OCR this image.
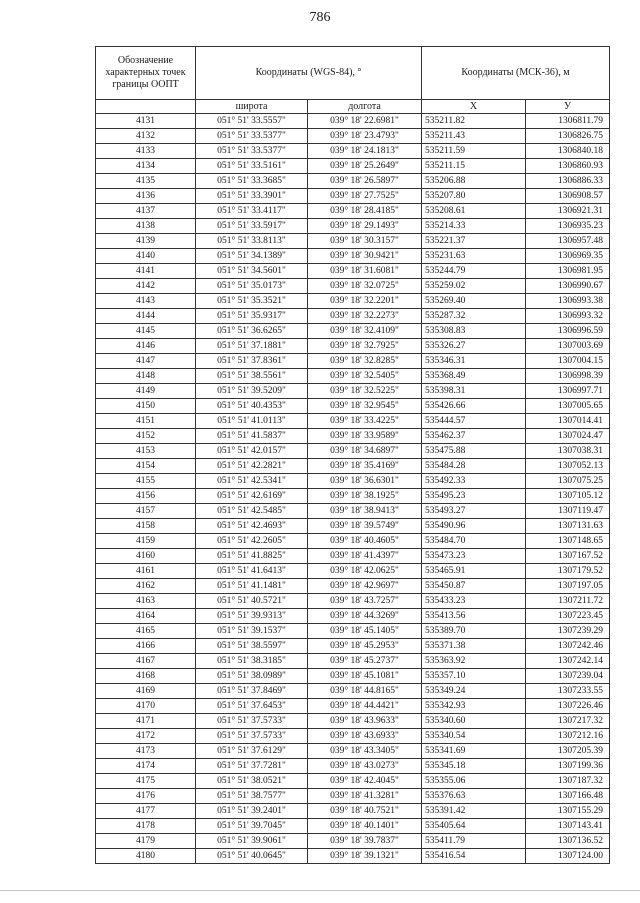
786
Обозначение характерных точек границы ООПТ	Координаты (WGS-84), °		Координаты (МСК-36), м	
	широта	долгота	X	У
4131	051° 51' 33.5557"	039° 18' 22.6981"	535211.82	1306811.79
4132	051° 51' 33.5377"	039° 18' 23.4793"	535211.43	1306826.75
4133	051° 51' 33.5377"	039° 18' 24.1813"	535211.59	1306840.18
4134	051° 51' 33.5161"	039° 18' 25.2649"	535211.15	1306860.93
4135	051° 51' 33.3685"	039° 18' 26.5897"	535206.88	1306886.33
4136	051° 51' 33.3901"	039° 18' 27.7525"	535207.80	1306908.57
4137	051° 51' 33.4117"	039° 18' 28.4185"	535208.61	1306921.31
4138	051° 51' 33.5917"	039° 18' 29.1493"	535214.33	1306935.23
4139	051° 51' 33.8113"	039° 18' 30.3157"	535221.37	1306957.48
4140	051° 51' 34.1389"	039° 18' 30.9421"	535231.63	1306969.35
4141	051° 51' 34.5601"	039° 18' 31.6081"	535244.79	1306981.95
4142	051° 51' 35.0173"	039° 18' 32.0725"	535259.02	1306990.67
4143	051° 51' 35.3521"	039° 18' 32.2201"	535269.40	1306993.38
4144	051° 51' 35.9317"	039° 18' 32.2273"	535287.32	1306993.32
4145	051° 51' 36.6265"	039° 18' 32.4109"	535308.83	1306996.59
4146	051° 51' 37.1881"	039° 18' 32.7925"	535326.27	1307003.69
4147	051° 51' 37.8361"	039° 18' 32.8285"	535346.31	1307004.15
4148	051° 51' 38.5561"	039° 18' 32.5405"	535368.49	1306998.39
4149	051° 51' 39.5209"	039° 18' 32.5225"	535398.31	1306997.71
4150	051° 51' 40.4353"	039° 18' 32.9545"	535426.66	1307005.65
4151	051° 51' 41.0113"	039° 18' 33.4225"	535444.57	1307014.41
4152	051° 51' 41.5837"	039° 18' 33.9589"	535462.37	1307024.47
4153	051° 51' 42.0157"	039° 18' 34.6897"	535475.88	1307038.31
4154	051° 51' 42.2821"	039° 18' 35.4169"	535484.28	1307052.13
4155	051° 51' 42.5341"	039° 18' 36.6301"	535492.33	1307075.25
4156	051° 51' 42.6169"	039° 18' 38.1925"	535495.23	1307105.12
4157	051° 51' 42.5485"	039° 18' 38.9413"	535493.27	1307119.47
4158	051° 51' 42.4693"	039° 18' 39.5749"	535490.96	1307131.63
4159	051° 51' 42.2605"	039° 18' 40.4605"	535484.70	1307148.65
4160	051° 51' 41.8825"	039° 18' 41.4397"	535473.23	1307167.52
4161	051° 51' 41.6413"	039° 18' 42.0625"	535465.91	1307179.52
4162	051° 51' 41.1481"	039° 18' 42.9697"	535450.87	1307197.05
4163	051° 51' 40.5721"	039° 18' 43.7257"	535433.23	1307211.72
4164	051° 51' 39.9313"	039° 18' 44.3269"	535413.56	1307223.45
4165	051° 51' 39.1537"	039° 18' 45.1405"	535389.70	1307239.29
4166	051° 51' 38.5597"	039° 18' 45.2953"	535371.38	1307242.46
4167	051° 51' 38.3185"	039° 18' 45.2737"	535363.92	1307242.14
4168	051° 51' 38.0989"	039° 18' 45.1081"	535357.10	1307239.04
4169	051° 51' 37.8469"	039° 18' 44.8165"	535349.24	1307233.55
4170	051° 51' 37.6453"	039° 18' 44.4421"	535342.93	1307226.46
4171	051° 51' 37.5733"	039° 18' 43.9633"	535340.60	1307217.32
4172	051° 51' 37.5733"	039° 18' 43.6933"	535340.54	1307212.16
4173	051° 51' 37.6129"	039° 18' 43.3405"	535341.69	1307205.39
4174	051° 51' 37.7281"	039° 18' 43.0273"	535345.18	1307199.36
4175	051° 51' 38.0521"	039° 18' 42.4045"	535355.06	1307187.32
4176	051° 51' 38.7577"	039° 18' 41.3281"	535376.63	1307166.48
4177	051° 51' 39.2401"	039° 18' 40.7521"	535391.42	1307155.29
4178	051° 51' 39.7045"	039° 18' 40.1401"	535405.64	1307143.41
4179	051° 51' 39.9061"	039° 18' 39.7837"	535411.79	1307136.52
4180	051° 51' 40.0645"	039° 18' 39.1321"	535416.54	1307124.00
